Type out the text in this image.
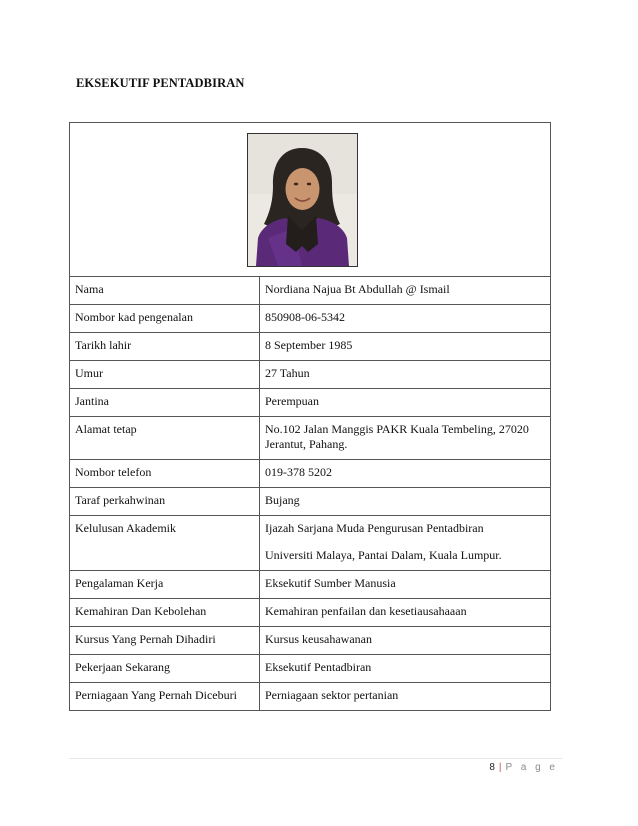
EKSEKUTIF PENTADBIRAN

Nama	Nordiana Najua Bt Abdullah @ Ismail

Nombor kad pengenalan	850908-06-5342

Tarikh lahir	8 September 1985

Umur	27 Tahun

Jantina	Perempuan

Alamat tetap	No.102 Jalan Manggis PAKR Kuala Tembeling, 27020 Jerantut, Pahang.

Nombor telefon	019-378 5202

Taraf perkahwinan	Bujang

Kelulusan Akademik	Ijazah Sarjana Muda Pengurusan Pentadbiran
Universiti Malaya, Pantai Dalam, Kuala Lumpur.

Pengalaman Kerja	Eksekutif Sumber Manusia

Kemahiran Dan Kebolehan	Kemahiran penfailan dan kesetiausahaaan

Kursus Yang Pernah Dihadiri	Kursus keusahawanan

Pekerjaan Sekarang	Eksekutif Pentadbiran

Perniagaan Yang Pernah Diceburi	Perniagaan sektor pertanian
8 | P a g e
